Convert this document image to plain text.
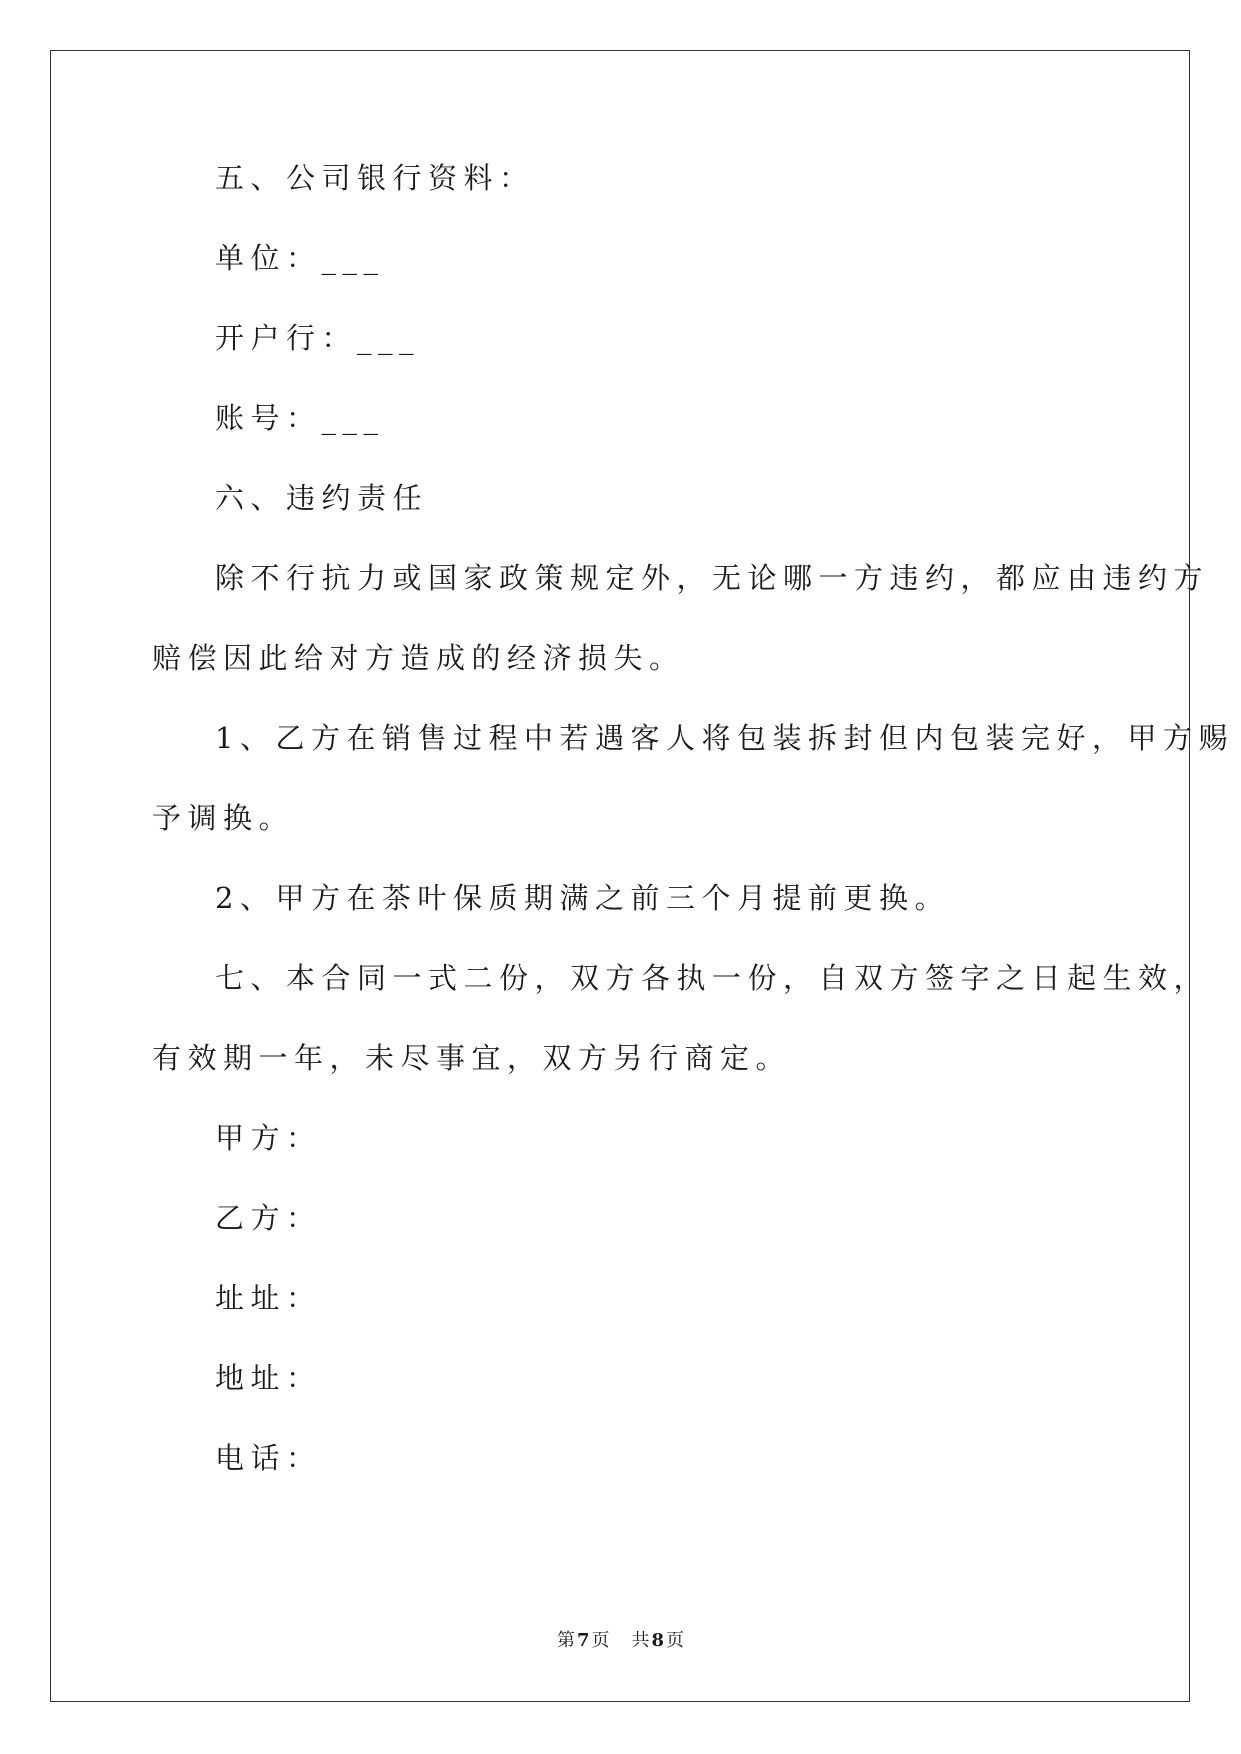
五、公司银行资料：
单位：___
开户行：___
账号：___
六、违约责任
除不行抗力或国家政策规定外，无论哪一方违约，都应由违约方
赔偿因此给对方造成的经济损失。
1、乙方在销售过程中若遇客人将包装拆封但内包装完好，甲方赐
予调换。
2、甲方在茶叶保质期满之前三个月提前更换。
七、本合同一式二份，双方各执一份，自双方签字之日起生效，
有效期一年，未尽事宜，双方另行商定。
甲方：
乙方：
址址：
地址：
电话：
第 7 页 共 8 页
